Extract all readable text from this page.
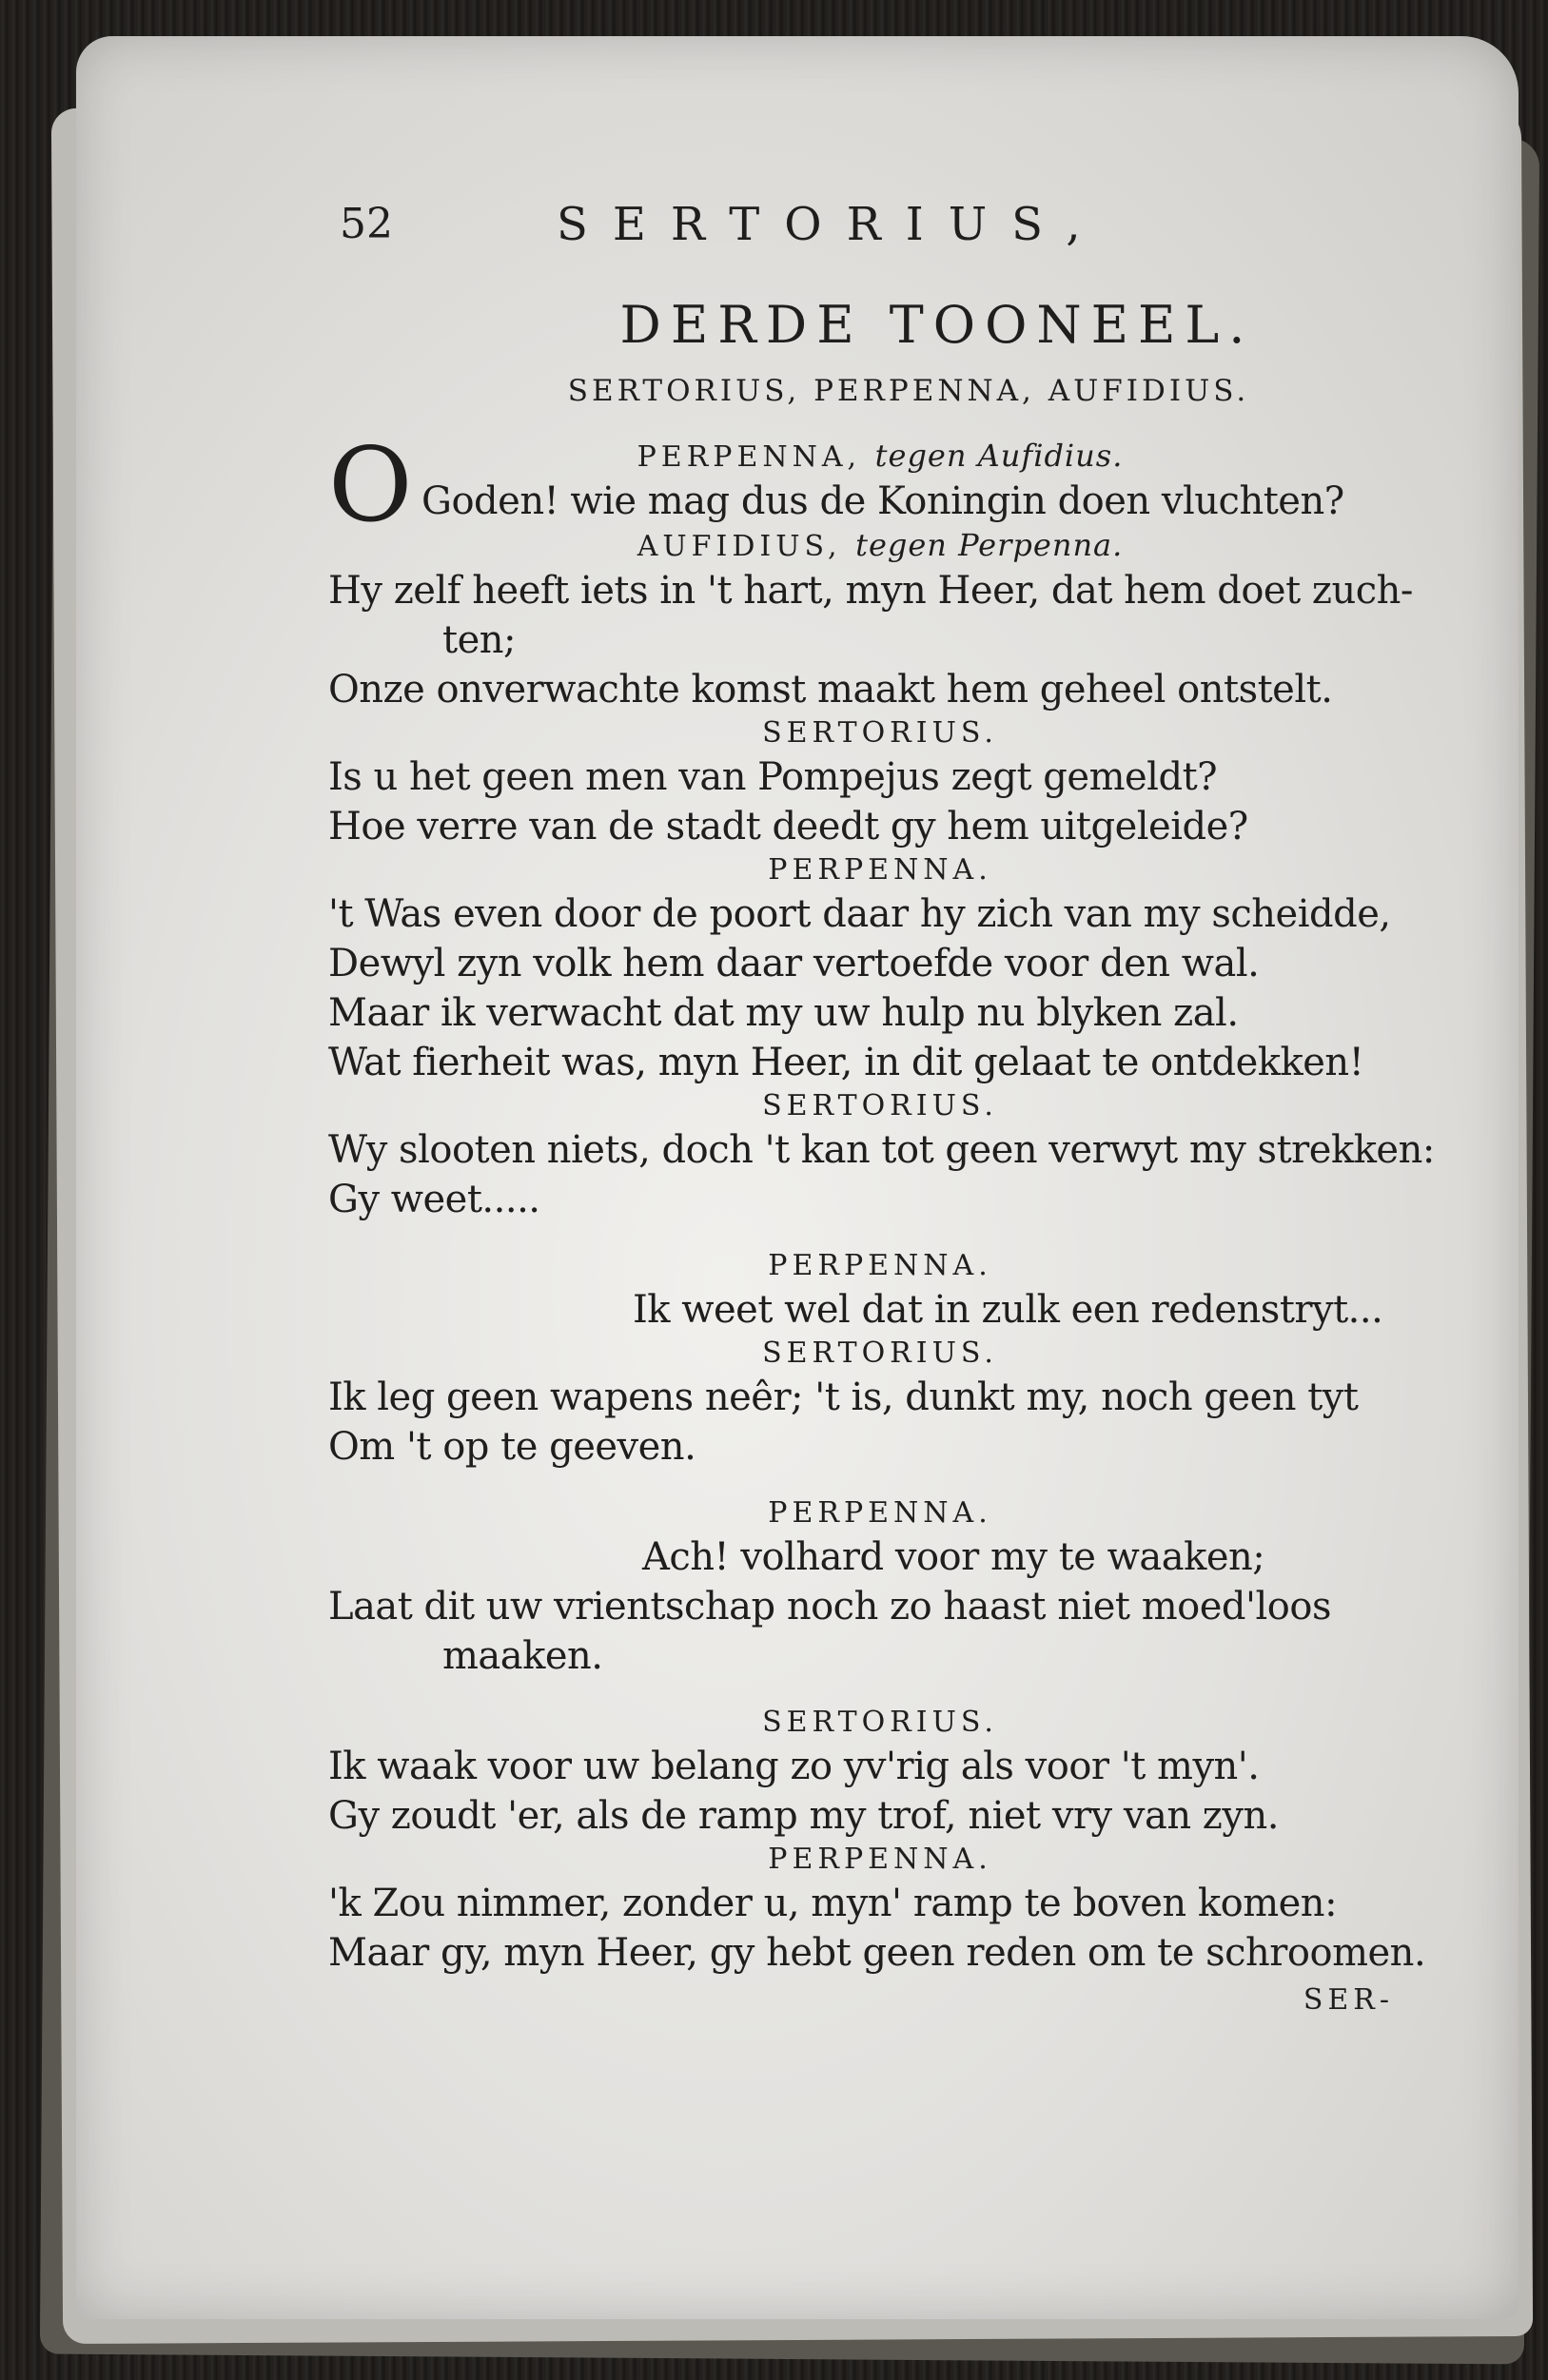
52	SERTORIUS,
DERDE TOONEEL.
SERTORIUS, PERPENNA, AUFIDIUS.
O	PERPENNA, tegen Aufidius.
Goden! wie mag dus de Koningin doen vluchten?
AUFIDIUS, tegen Perpenna.
Hy zelf heeft iets in 't hart, myn Heer, dat hem doet zuch-
ten;
Onze onverwachte komst maakt hem geheel ontstelt.
SERTORIUS.
Is u het geen men van Pompejus zegt gemeldt?
Hoe verre van de stadt deedt gy hem uitgeleide?
PERPENNA.
't Was even door de poort daar hy zich van my scheidde,
Dewyl zyn volk hem daar vertoefde voor den wal.
Maar ik verwacht dat my uw hulp nu blyken zal.
Wat fierheit was, myn Heer, in dit gelaat te ontdekken!
SERTORIUS.
Wy slooten niets, doch 't kan tot geen verwyt my strekken:
Gy weet.....
PERPENNA.
Ik weet wel dat in zulk een redenstryt...
SERTORIUS.
Ik leg geen wapens neêr; 't is, dunkt my, noch geen tyt
Om 't op te geeven.
PERPENNA.
Ach! volhard voor my te waaken;
Laat dit uw vrientschap noch zo haast niet moed'loos
maaken.
SERTORIUS.
Ik waak voor uw belang zo yv'rig als voor 't myn'.
Gy zoudt 'er, als de ramp my trof, niet vry van zyn.
PERPENNA.
'k Zou nimmer, zonder u, myn' ramp te boven komen:
Maar gy, myn Heer, gy hebt geen reden om te schroomen.
SER-
